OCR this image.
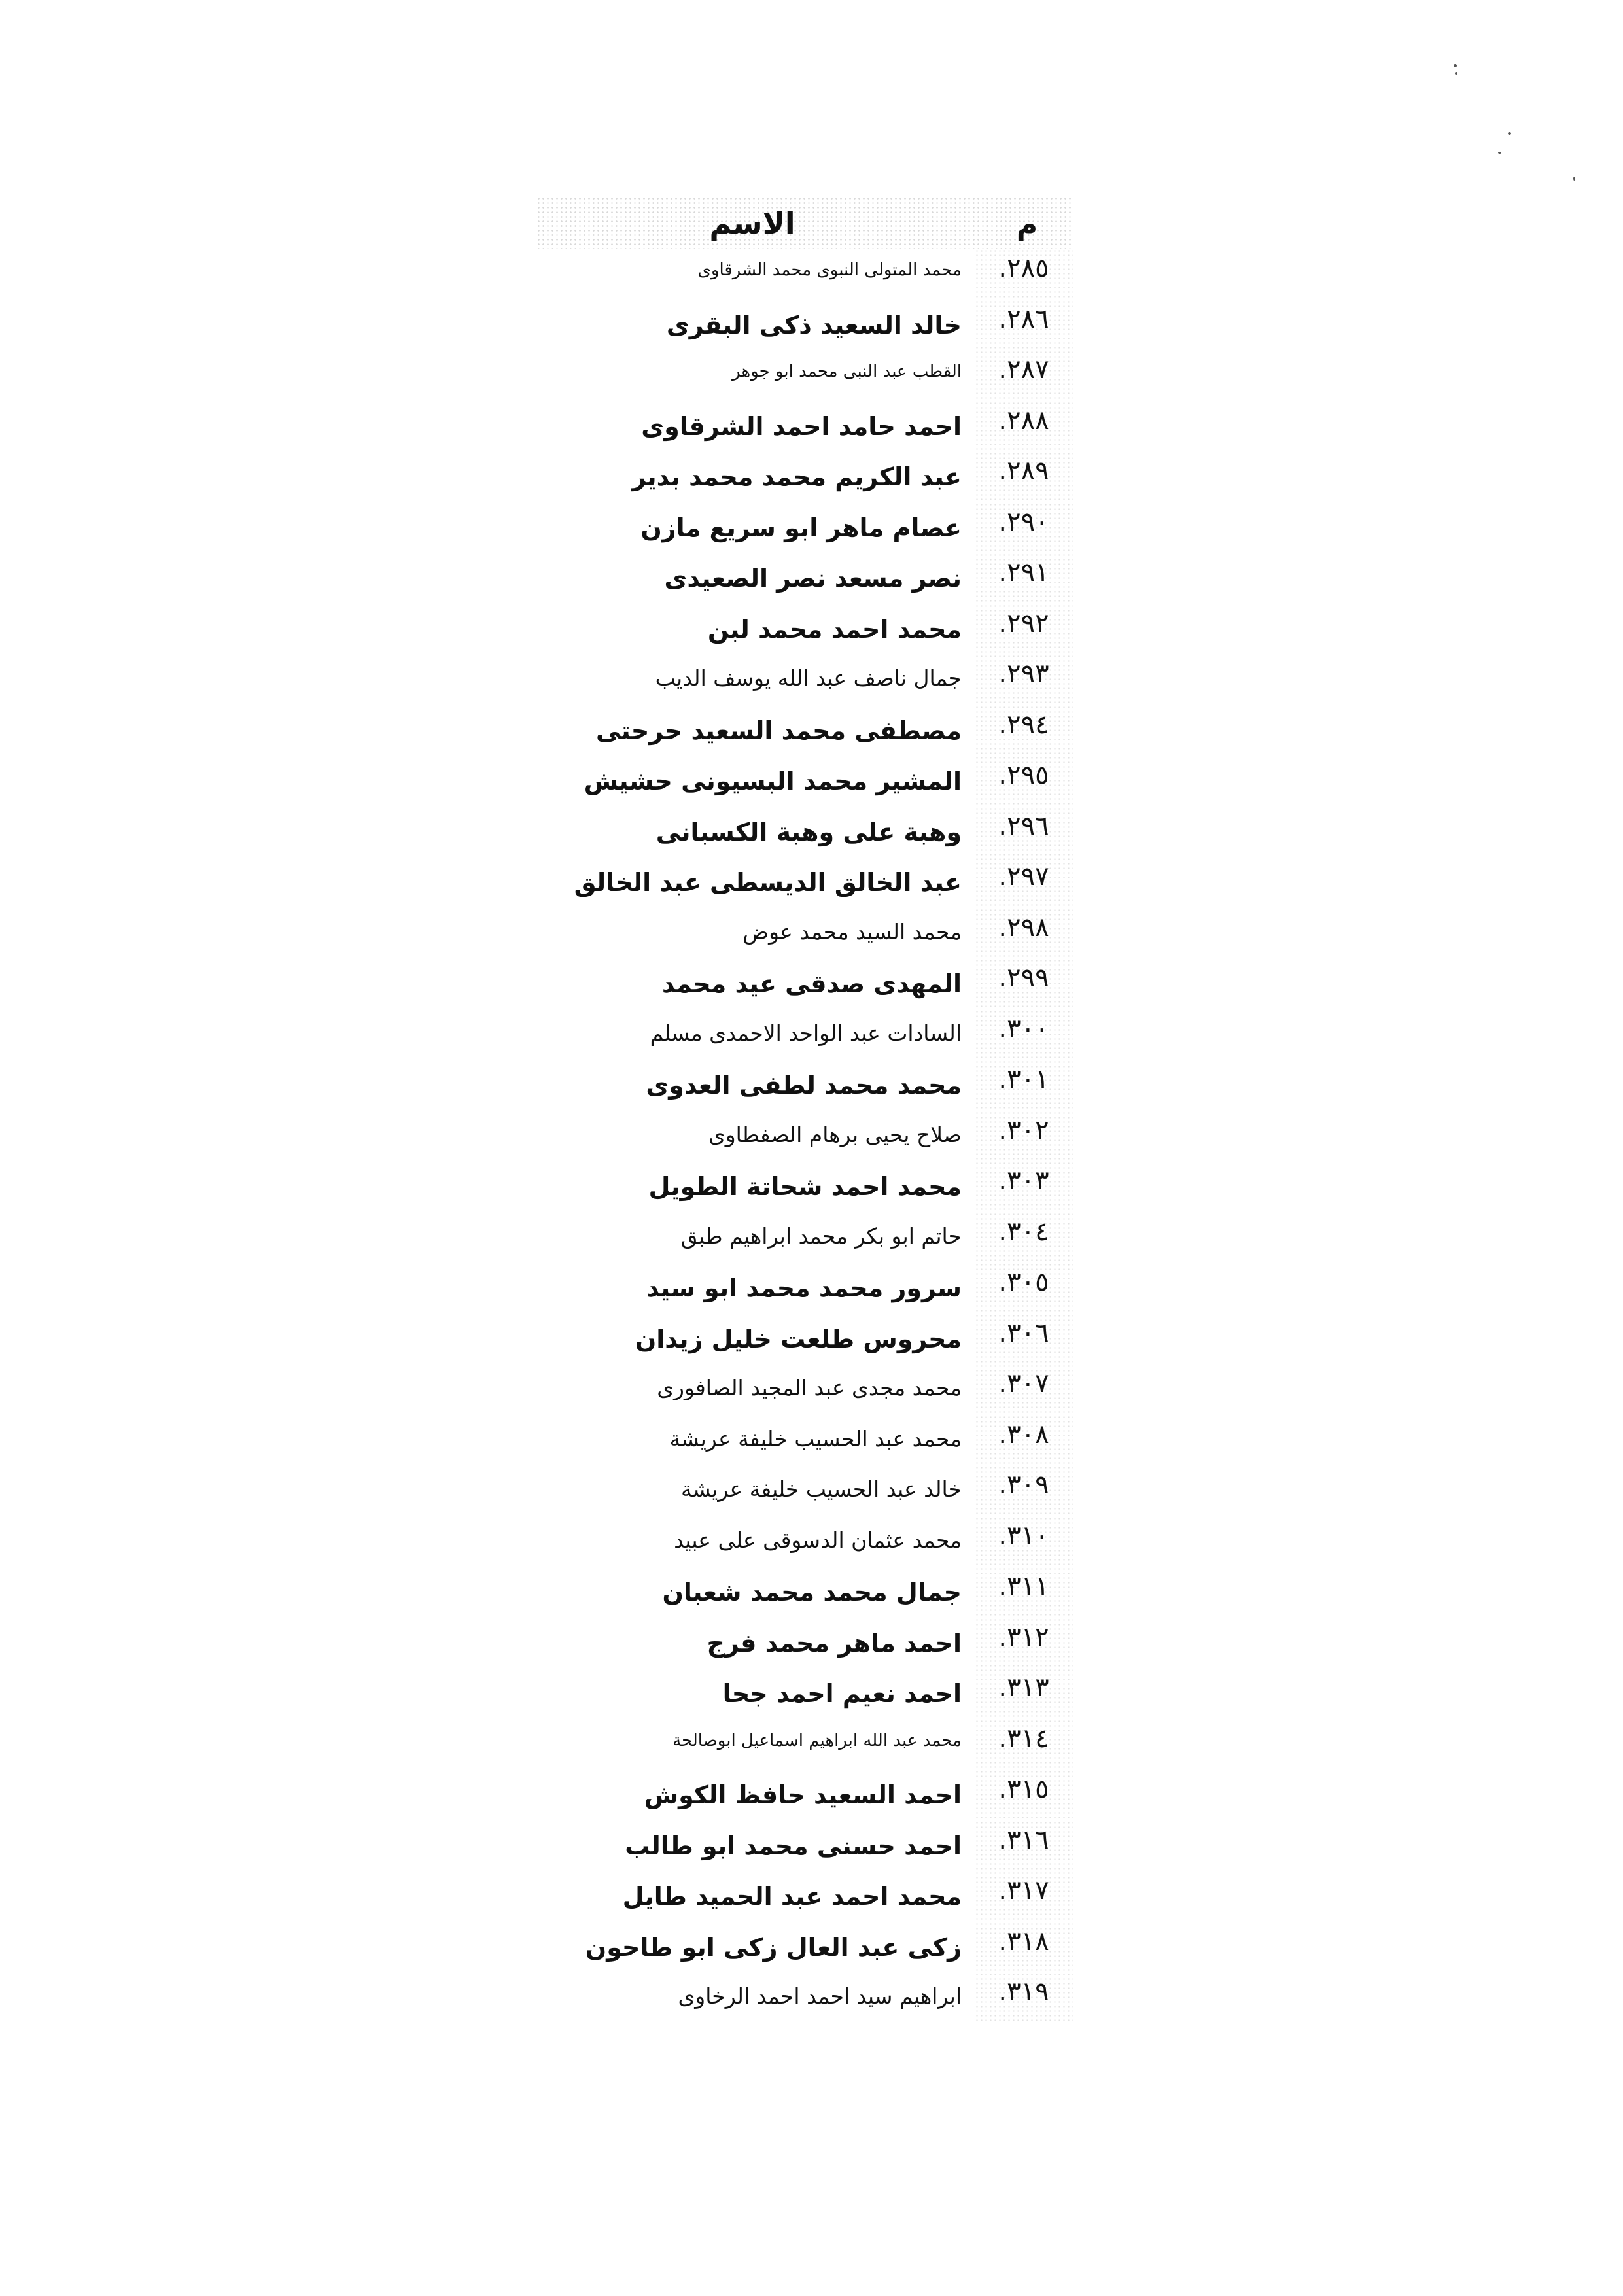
م
الاسم
.٢٨٥
محمد المتولى النبوى محمد الشرقاوى
.٢٨٦
خالد السعيد ذكى البقرى
.٢٨٧
القطب عبد النبى محمد ابو جوهر
.٢٨٨
احمد حامد احمد الشرقاوى
.٢٨٩
عبد الكريم محمد محمد بدير
.٢٩٠
عصام ماهر ابو سريع مازن
.٢٩١
نصر مسعد نصر الصعيدى
.٢٩٢
محمد احمد محمد لبن
.٢٩٣
جمال ناصف عبد الله يوسف الديب
.٢٩٤
مصطفى محمد السعيد حرحتى
.٢٩٥
المشير محمد البسيونى حشيش
.٢٩٦
وهبة على وهبة الكسبانى
.٢٩٧
عبد الخالق الديسطى عبد الخالق
.٢٩٨
محمد السيد محمد عوض
.٢٩٩
المهدى صدقى عيد محمد
.٣٠٠
السادات عبد الواحد الاحمدى مسلم
.٣٠١
محمد محمد لطفى العدوى
.٣٠٢
صلاح يحيى برهام الصفطاوى
.٣٠٣
محمد احمد شحاتة الطويل
.٣٠٤
حاتم ابو بكر محمد ابراهيم طبق
.٣٠٥
سرور محمد محمد ابو سيد
.٣٠٦
محروس طلعت خليل زيدان
.٣٠٧
محمد مجدى عبد المجيد الصافورى
.٣٠٨
محمد عبد الحسيب خليفة عريشة
.٣٠٩
خالد عبد الحسيب خليفة عريشة
.٣١٠
محمد عثمان الدسوقى على عبيد
.٣١١
جمال محمد محمد شعبان
.٣١٢
احمد ماهر محمد فرج
.٣١٣
احمد نعيم احمد جحا
.٣١٤
محمد عبد الله ابراهيم اسماعيل ابوصالحة
.٣١٥
احمد السعيد حافظ الكوش
.٣١٦
احمد حسنى محمد ابو طالب
.٣١٧
محمد احمد عبد الحميد طايل
.٣١٨
زكى عبد العال زكى ابو طاحون
.٣١٩
ابراهيم سيد احمد احمد الرخاوى
